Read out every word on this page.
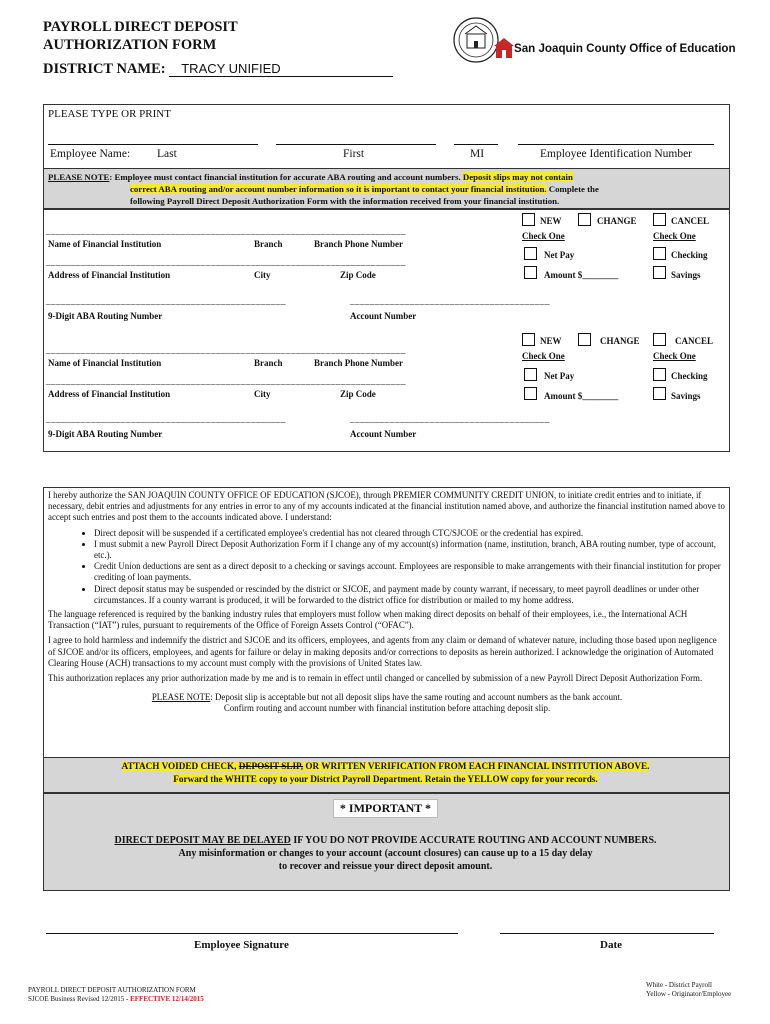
PAYROLL DIRECT DEPOSIT
AUTHORIZATION FORM
DISTRICT NAME: TRACY UNIFIED
San Joaquin County Office of Education
PLEASE TYPE OR PRINT
Employee Name: Last	First	MI	Employee Identification Number
PLEASE NOTE: Employee must contact financial institution for accurate ABA routing and account numbers. Deposit slips may not contain
correct ABA routing and/or account number information so it is important to contact your financial institution. Complete the
following Payroll Direct Deposit Authorization Form with the information received from your financial institution.
________________________________________________________________________
Name of Financial Institution	Branch	Branch Phone Number
________________________________________________________________________
Address of Financial Institution	City	Zip Code
________________________________________________	________________________________________
9-Digit ABA Routing Number	Account Number
NEW	CHANGE	CANCEL
Check One	Check One
Net Pay	Checking
Amount $________	Savings
________________________________________________________________________
Name of Financial Institution	Branch	Branch Phone Number
________________________________________________________________________
Address of Financial Institution	City	Zip Code
________________________________________________	________________________________________
9-Digit ABA Routing Number	Account Number
NEW	CHANGE	CANCEL
Check One	Check One
Net Pay	Checking
Amount $________	Savings

I hereby authorize the SAN JOAQUIN COUNTY OFFICE OF EDUCATION (SJCOE), through PREMIER COMMUNITY CREDIT UNION, to initiate credit entries and to initiate, if necessary, debit entries and adjustments for any entries in error to any of my accounts indicated at the financial institution named above, and authorize the financial institution named above to accept such entries and post them to the accounts indicated above. I understand:

• Direct deposit will be suspended if a certificated employee's credential has not cleared through CTC/SJCOE or the credential has expired.
• I must submit a new Payroll Direct Deposit Authorization Form if I change any of my account(s) information (name, institution, branch, ABA routing number, type of account, etc.).
• Credit Union deductions are sent as a direct deposit to a checking or savings account. Employees are responsible to make arrangements with their financial institution for proper crediting of loan payments.
• Direct deposit status may be suspended or rescinded by the district or SJCOE, and payment made by county warrant, if necessary, to meet payroll deadlines or under other circumstances. If a county warrant is produced, it will be forwarded to the district office for distribution or mailed to my home address.

The language referenced is required by the banking industry rules that employers must follow when making direct deposits on behalf of their employees, i.e., the International ACH Transaction (“IAT”) rules, pursuant to requirements of the Office of Foreign Assets Control (“OFAC”).

I agree to hold harmless and indemnify the district and SJCOE and its officers, employees, and agents from any claim or demand of whatever nature, including those based upon negligence of SJCOE and/or its officers, employees, and agents for failure or delay in making deposits and/or corrections to deposits as herein authorized. I acknowledge the origination of Automated Clearing House (ACH) transactions to my account must comply with the provisions of United States law.

This authorization replaces any prior authorization made by me and is to remain in effect until changed or cancelled by submission of a new Payroll Direct Deposit Authorization Form.

PLEASE NOTE: Deposit slip is acceptable but not all deposit slips have the same routing and account numbers as the bank account.
Confirm routing and account number with financial institution before attaching deposit slip.

ATTACH VOIDED CHECK, DEPOSIT SLIP, OR WRITTEN VERIFICATION FROM EACH FINANCIAL INSTITUTION ABOVE.
Forward the WHITE copy to your District Payroll Department. Retain the YELLOW copy for your records.
* IMPORTANT *
DIRECT DEPOSIT MAY BE DELAYED IF YOU DO NOT PROVIDE ACCURATE ROUTING AND ACCOUNT NUMBERS.
Any misinformation or changes to your account (account closures) can cause up to a 15 day delay
to recover and reissue your direct deposit amount.
Employee Signature	Date
PAYROLL DIRECT DEPOSIT AUTHORIZATION FORM
SJCOE Business Revised 12/2015 - EFFECTIVE 12/14/2015
White - District Payroll
Yellow - Originator/Employee
